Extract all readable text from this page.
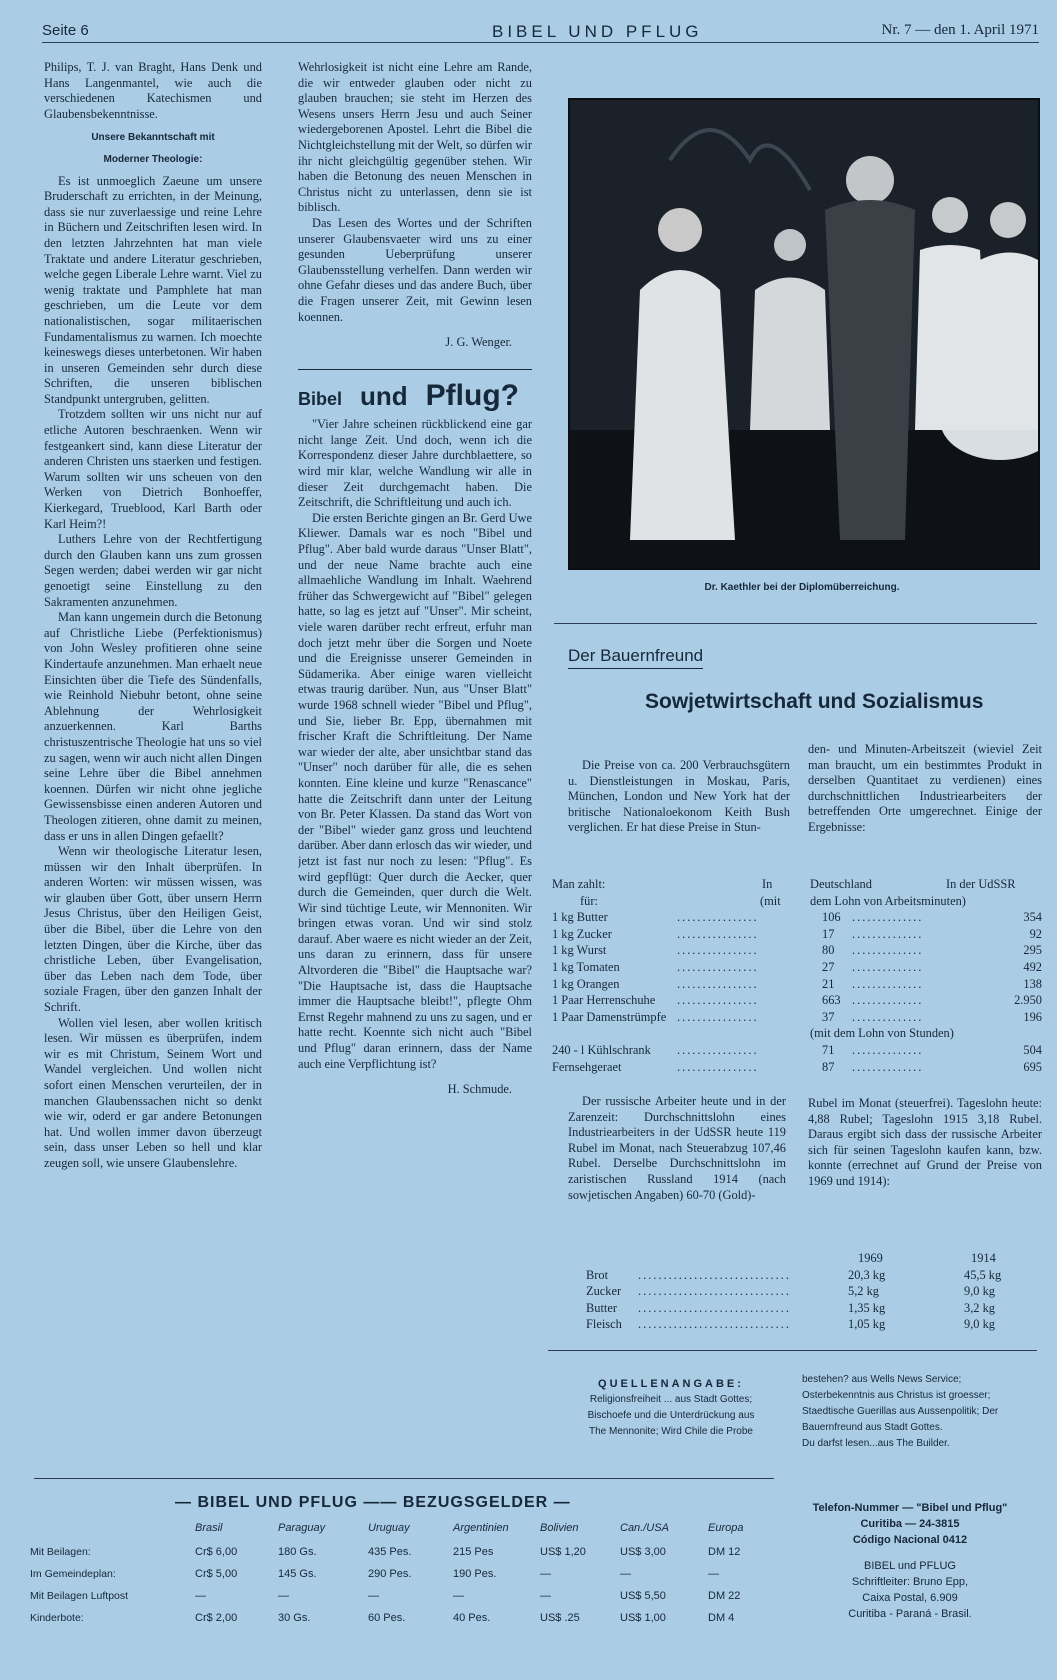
Seite 6	BIBEL UND PFLUG	Nr. 7 — den 1. April 1971

Philips, T. J. van Braght, Hans Denk und Hans Langenmantel, wie auch die verschiedenen Katechismen und Glaubensbekenntnisse.

Unsere Bekanntschaft mit
Moderner Theologie:

Es ist unmoeglich Zaeune um unsere Bruderschaft zu errichten, in der Meinung, dass sie nur zuverlaessige und reine Lehre in Büchern und Zeitschriften lesen wird. In den letzten Jahrzehnten hat man viele Traktate und andere Literatur geschrieben, welche gegen Liberale Lehre warnt. Viel zu wenig traktate und Pamphlete hat man geschrieben, um die Leute vor dem nationalistischen, sogar militaerischen Fundamentalismus zu warnen. Ich moechte keineswegs dieses unterbetonen. Wir haben in unseren Gemeinden sehr durch diese Schriften, die unseren biblischen Standpunkt untergruben, gelitten.

Trotzdem sollten wir uns nicht nur auf etliche Autoren beschraenken. Wenn wir festgeankert sind, kann diese Literatur der anderen Christen uns staerken und festigen. Warum sollten wir uns scheuen von den Werken von Dietrich Bonhoeffer, Kierkegard, Trueblood, Karl Barth oder Karl Heim?!

Luthers Lehre von der Rechtfertigung durch den Glauben kann uns zum grossen Segen werden; dabei werden wir gar nicht genoetigt seine Einstellung zu den Sakramenten anzunehmen.

Man kann ungemein durch die Betonung auf Christliche Liebe (Perfektionismus) von John Wesley profitieren ohne seine Kindertaufe anzunehmen. Man erhaelt neue Einsichten über die Tiefe des Sündenfalls, wie Reinhold Niebuhr betont, ohne seine Ablehnung der Wehrlosigkeit anzuerkennen. Karl Barths christuszentrische Theologie hat uns so viel zu sagen, wenn wir auch nicht allen Dingen seine Lehre über die Bibel annehmen koennen. Dürfen wir nicht ohne jegliche Gewissensbisse einen anderen Autoren und Theologen zitieren, ohne damit zu meinen, dass er uns in allen Dingen gefaellt?

Wenn wir theologische Literatur lesen, müssen wir den Inhalt überprüfen. In anderen Worten: wir müssen wissen, was wir glauben über Gott, über unsern Herrn Jesus Christus, über den Heiligen Geist, über die Bibel, über die Lehre von den letzten Dingen, über die Kirche, über das christliche Leben, über Evangelisation, über das Leben nach dem Tode, über soziale Fragen, über den ganzen Inhalt der Schrift.

Wollen viel lesen, aber wollen kritisch lesen. Wir müssen es überprüfen, indem wir es mit Christum, Seinem Wort und Wandel vergleichen. Und wollen nicht sofort einen Menschen verurteilen, der in manchen Glaubenssachen nicht so denkt wie wir, oderd er gar andere Betonungen hat. Und wollen immer davon überzeugt sein, dass unser Leben so hell und klar zeugen soll, wie unsere Glaubenslehre.

Wehrlosigkeit ist nicht eine Lehre am Rande, die wir entweder glauben oder nicht zu glauben brauchen; sie steht im Herzen des Wesens unsers Herrn Jesu und auch Seiner wiedergeborenen Apostel. Lehrt die Bibel die Nichtgleichstellung mit der Welt, so dürfen wir ihr nicht gleichgültig gegenüber stehen. Wir haben die Betonung des neuen Menschen in Christus nicht zu unterlassen, denn sie ist biblisch.

Das Lesen des Wortes und der Schriften unserer Glaubensvaeter wird uns zu einer gesunden Ueberprüfung unserer Glaubensstellung verhelfen. Dann werden wir ohne Gefahr dieses und das andere Buch, über die Fragen unserer Zeit, mit Gewinn lesen koennen.

J. G. Wenger.
Bibel und Pflug?

"Vier Jahre scheinen rückblickend eine gar nicht lange Zeit. Und doch, wenn ich die Korrespondenz dieser Jahre durchblaettere, so wird mir klar, welche Wandlung wir alle in dieser Zeit durchgemacht haben. Die Zeitschrift, die Schriftleitung und auch ich.

Die ersten Berichte gingen an Br. Gerd Uwe Kliewer. Damals war es noch "Bibel und Pflug". Aber bald wurde daraus "Unser Blatt", und der neue Name brachte auch eine allmaehliche Wandlung im Inhalt. Waehrend früher das Schwergewicht auf "Bibel" gelegen hatte, so lag es jetzt auf "Unser". Mir scheint, viele waren darüber recht erfreut, erfuhr man doch jetzt mehr über die Sorgen und Noete und die Ereignisse unserer Gemeinden in Südamerika. Aber einige waren vielleicht etwas traurig darüber. Nun, aus "Unser Blatt" wurde 1968 schnell wieder "Bibel und Pflug", und Sie, lieber Br. Epp, übernahmen mit frischer Kraft die Schriftleitung. Der Name war wieder der alte, aber unsichtbar stand das "Unser" noch darüber für alle, die es sehen konnten. Eine kleine und kurze "Renascance" hatte die Zeitschrift dann unter der Leitung von Br. Peter Klassen. Da stand das Wort von der "Bibel" wieder ganz gross und leuchtend darüber. Aber dann erlosch das wir wieder, und jetzt ist fast nur noch zu lesen: "Pflug". Es wird gepflügt: Quer durch die Aecker, quer durch die Gemeinden, quer durch die Welt. Wir sind tüchtige Leute, wir Mennoniten. Wir bringen etwas voran. Und wir sind stolz darauf. Aber waere es nicht wieder an der Zeit, uns daran zu erinnern, dass für unsere Altvorderen die "Bibel" die Hauptsache war? "Die Hauptsache ist, dass die Hauptsache immer die Hauptsache bleibt!", pflegte Ohm Ernst Regehr mahnend zu uns zu sagen, und er hatte recht. Koennte sich nicht auch "Bibel und Pflug" daran erinnern, dass der Name auch eine Verpflichtung ist?

H. Schmude.
Dr. Kaethler bei der Diplomüberreichung.
Der Bauernfreund
Sowjetwirtschaft und Sozialismus

Die Preise von ca. 200 Verbrauchsgütern u. Dienstleistungen in Moskau, Paris, München, London und New York hat der britische Nationaloekonom Keith Bush verglichen. Er hat diese Preise in Stun-

den- und Minuten-Arbeitszeit (wieviel Zeit man braucht, um ein bestimmtes Produkt in derselben Quantitaet zu verdienen) eines durchschnittlichen Industriearbeiters der betreffenden Orte umgerechnet. Einige der Ergebnisse:

Man zahlt:	In	Deutschland	In der UdSSR
für:	(mit dem Lohn von Arbeitsminuten)
1 kg Butter	................	106 ..............	354
1 kg Zucker	................	17 ..............	92
1 kg Wurst	................	80 ..............	295
1 kg Tomaten	................	27 ..............	492
1 kg Orangen	................	21 ..............	138
1 Paar Herrenschuhe ................	663 ..............	2.950
1 Paar Damenstrümpfe ................	37 ..............	196
(mit dem Lohn von Stunden)
240 - l Kühlschrank ................	71 ..............	504
Fernsehgeraet	................	87 ..............	695

Der russische Arbeiter heute und in der Zarenzeit: Durchschnittslohn eines Industriearbeiters in der UdSSR heute 119 Rubel im Monat, nach Steuerabzug 107,46 Rubel. Derselbe Durchschnittslohn im zaristischen Russland 1914 (nach sowjetischen Angaben) 60-70 (Gold)-

Rubel im Monat (steuerfrei). Tageslohn heute: 4,88 Rubel; Tageslohn 1915 3,18 Rubel. Daraus ergibt sich dass der russische Arbeiter sich für seinen Tageslohn kaufen kann, bzw. konnte (errechnet auf Grund der Preise von 1969 und 1914):

1969	1914
Brot ..............................	20,3 kg	45,5 kg
Zucker ..............................	5,2 kg	9,0 kg
Butter ..............................	1,35 kg	3,2 kg
Fleisch ..............................	1,05 kg	9,0 kg
QUELLENANGABE:
Religionsfreiheit ... aus Stadt Gottes;
Bischoefe und die Unterdrückung aus
The Mennonite; Wird Chile die Probe
bestehen? aus Wells News Service;
Osterbekenntnis aus Christus ist groesser; Staedtische Guerillas aus Aussenpolitik; Der Bauernfreund aus Stadt Gottes.
Du darfst lesen...aus The Builder.
— BIBEL UND PFLUG —— BEZUGSGELDER —
Brasil	Paraguay	Uruguay	Argentinien	Bolivien	Can./USA	Europa
Mit Beilagen:	Cr$ 6,00	180 Gs.	435 Pes.	215 Pes	US$ 1,20	US$ 3,00	DM 12
Im Gemeindeplan:	Cr$ 5,00	145 Gs.	290 Pes.	190 Pes.	—	—	—
Mit Beilagen Luftpost	—	—	—	—	—	US$ 5,50	DM 22
Kinderbote:	Cr$ 2,00	30 Gs.	60 Pes.	40 Pes.	US$ .25	US$ 1,00	DM 4
Telefon-Nummer — "Bibel und Pflug"
Curitiba — 24-3815
Código Nacional 0412
BIBEL und PFLUG
Schriftleiter: Bruno Epp,
Caixa Postal, 6.909
Curitiba - Paraná - Brasil.
